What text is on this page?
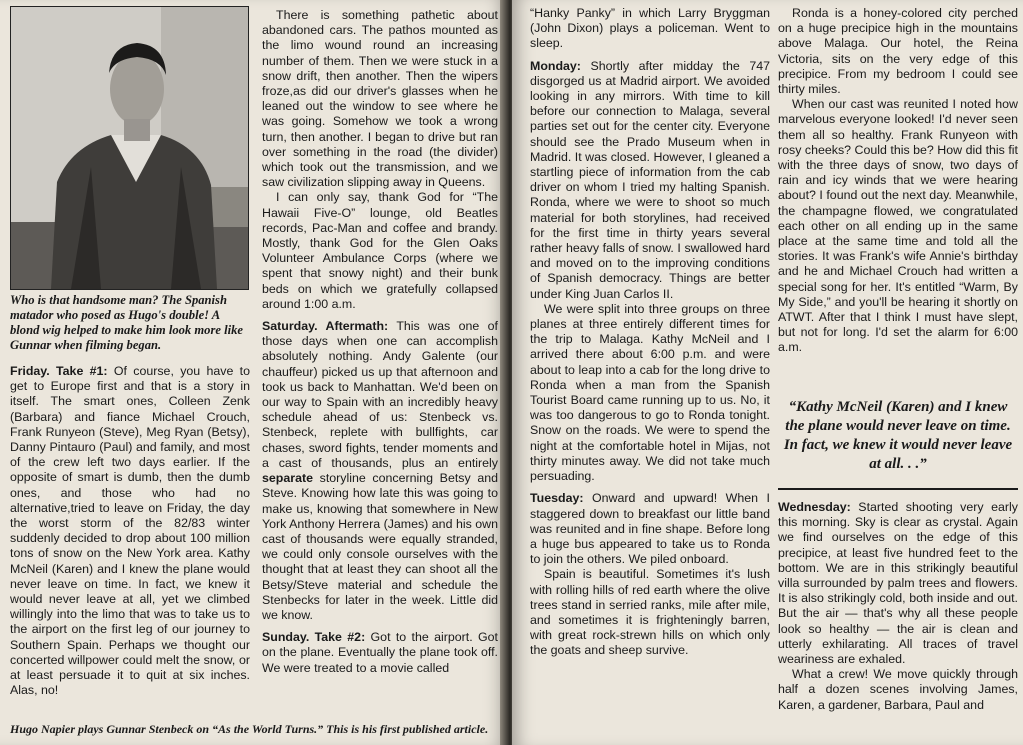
Who is that handsome man? The Spanish matador who posed as Hugo's double! A blond wig helped to make him look more like Gunnar when filming began.

Friday. Take #1: Of course, you have to get to Europe first and that is a story in itself. The smart ones, Colleen Zenk (Barbara) and fiance Michael Crouch, Frank Runyeon (Steve), Meg Ryan (Betsy), Danny Pintauro (Paul) and family, and most of the crew left two days earlier. If the opposite of smart is dumb, then the dumb ones, and those who had no alternative,tried to leave on Friday, the day the worst storm of the 82/83 winter suddenly decided to drop about 100 million tons of snow on the New York area. Kathy McNeil (Karen) and I knew the plane would never leave on time. In fact, we knew it would never leave at all, yet we climbed willingly into the limo that was to take us to the airport on the first leg of our journey to Southern Spain. Perhaps we thought our concerted willpower could melt the snow, or at least persuade it to quit at six inches. Alas, no!

There is something pathetic about abandoned cars. The pathos mounted as the limo wound round an increasing number of them. Then we were stuck in a snow drift, then another. Then the wipers froze,as did our driver's glasses when he leaned out the window to see where he was going. Somehow we took a wrong turn, then another. I began to drive but ran over something in the road (the divider) which took out the transmission, and we saw civilization slipping away in Queens.

I can only say, thank God for “The Hawaii Five-O” lounge, old Beatles records, Pac-Man and coffee and brandy. Mostly, thank God for the Glen Oaks Volunteer Ambulance Corps (where we spent that snowy night) and their bunk beds on which we gratefully collapsed around 1:00 a.m.

Saturday. Aftermath: This was one of those days when one can accomplish absolutely nothing. Andy Galente (our chauffeur) picked us up that afternoon and took us back to Manhattan. We'd been on our way to Spain with an incredibly heavy schedule ahead of us: Stenbeck vs. Stenbeck, replete with bullfights, car chases, sword fights, tender moments and a cast of thousands, plus an entirely separate storyline concerning Betsy and Steve. Knowing how late this was going to make us, knowing that somewhere in New York Anthony Herrera (James) and his own cast of thousands were equally stranded, we could only console ourselves with the thought that at least they can shoot all the Betsy/Steve material and schedule the Stenbecks for later in the week. Little did we know.

Sunday. Take #2: Got to the airport. Got on the plane. Eventually the plane took off. We were treated to a movie called

Hugo Napier plays Gunnar Stenbeck on “As the World Turns.” This is his first published article.

“Hanky Panky” in which Larry Bryggman (John Dixon) plays a policeman. Went to sleep.

Monday: Shortly after midday the 747 disgorged us at Madrid airport. We avoided looking in any mirrors. With time to kill before our connection to Malaga, several parties set out for the center city. Everyone should see the Prado Museum when in Madrid. It was closed. However, I gleaned a startling piece of information from the cab driver on whom I tried my halting Spanish. Ronda, where we were to shoot so much material for both storylines, had received for the first time in thirty years several rather heavy falls of snow. I swallowed hard and moved on to the improving conditions of Spanish democracy. Things are better under King Juan Carlos II.

We were split into three groups on three planes at three entirely different times for the trip to Malaga. Kathy McNeil and I arrived there about 6:00 p.m. and were about to leap into a cab for the long drive to Ronda when a man from the Spanish Tourist Board came running up to us. No, it was too dangerous to go to Ronda tonight. Snow on the roads. We were to spend the night at the comfortable hotel in Mijas, not thirty minutes away. We did not take much persuading.

Tuesday: Onward and upward! When I staggered down to breakfast our little band was reunited and in fine shape. Before long a huge bus appeared to take us to Ronda to join the others. We piled onboard.

Spain is beautiful. Sometimes it's lush with rolling hills of red earth where the olive trees stand in serried ranks, mile after mile, and sometimes it is frighteningly barren, with great rock-strewn hills on which only the goats and sheep survive.

Ronda is a honey-colored city perched on a huge precipice high in the mountains above Malaga. Our hotel, the Reina Victoria, sits on the very edge of this precipice. From my bedroom I could see thirty miles.

When our cast was reunited I noted how marvelous everyone looked! I'd never seen them all so healthy. Frank Runyeon with rosy cheeks? Could this be? How did this fit with the three days of snow, two days of rain and icy winds that we were hearing about? I found out the next day. Meanwhile, the champagne flowed, we congratulated each other on all ending up in the same place at the same time and told all the stories. It was Frank's wife Annie's birthday and he and Michael Crouch had written a special song for her. It's entitled “Warm, By My Side,” and you'll be hearing it shortly on ATWT. After that I think I must have slept, but not for long. I'd set the alarm for 6:00 a.m.

Wednesday: Started shooting very early this morning. Sky is clear as crystal. Again we find ourselves on the edge of this precipice, at least five hundred feet to the bottom. We are in this strikingly beautiful villa surrounded by palm trees and flowers. It is also strikingly cold, both inside and out. But the air — that's why all these people look so healthy — the air is clean and utterly exhilarating. All traces of travel weariness are exhaled.

What a crew! We move quickly through half a dozen scenes involving James, Karen, a gardener, Barbara, Paul and

“Kathy McNeil (Karen) and I knew the plane would never leave on time. In fact, we knew it would never leave at all. . .”
